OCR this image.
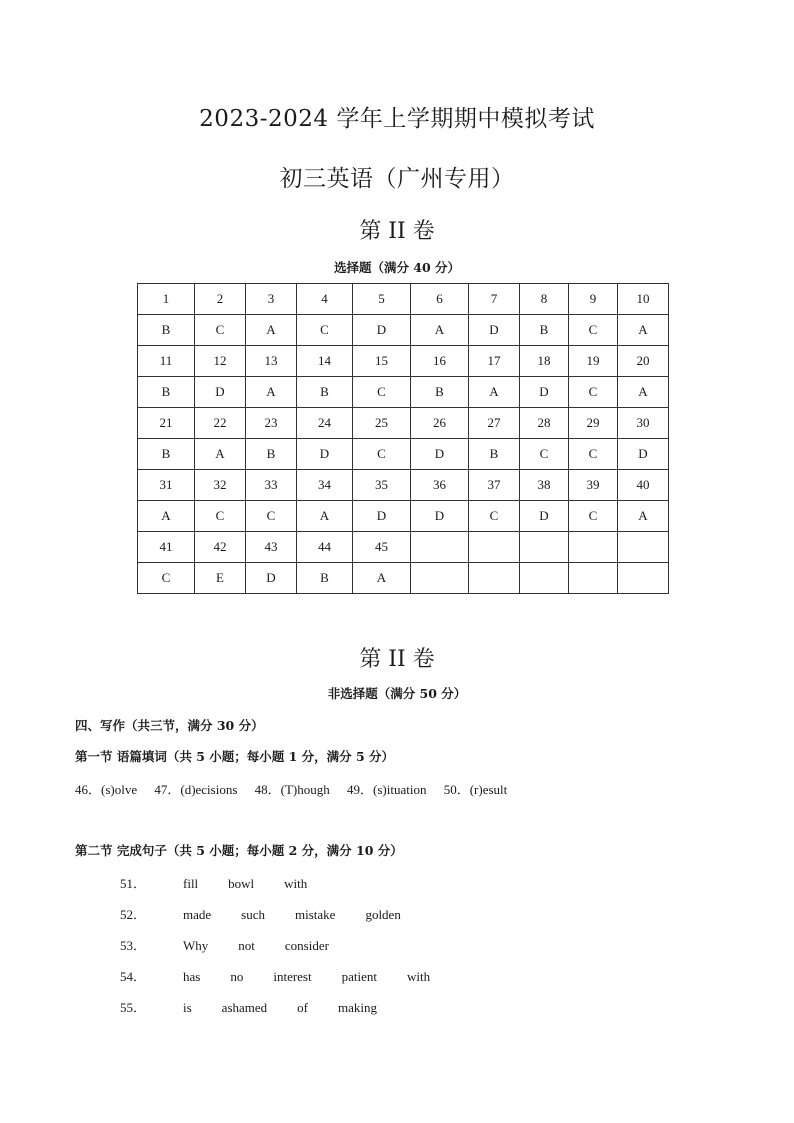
2023-2024 学年上学期期中模拟考试
初三英语（广州专用）
第 II 卷
选择题（满分 40 分）
1	2	3	4	5	6	7	8	9	10
B	C	A	C	D	A	D	B	C	A
11	12	13	14	15	16	17	18	19	20
B	D	A	B	C	B	A	D	C	A
21	22	23	24	25	26	27	28	29	30
B	A	B	D	C	D	B	C	C	D
31	32	33	34	35	36	37	38	39	40
A	C	C	A	D	D	C	D	C	A
41	42	43	44	45					
C	E	D	B	A					
第 II 卷
非选择题（满分 50 分）
四、写作（共三节，满分 30 分）
第一节 语篇填词（共 5 小题；每小题 1 分，满分 5 分）
46．(s)olve 47．(d)ecisions 48．(T)hough 49．(s)ituation 50．(r)esult
第二节 完成句子（共 5 小题；每小题 2 分，满分 10 分）
51．	fill bowl with
52．	made such mistake golden
53．	Why not consider
54．	has no interest patient with
55．	is ashamed of making
